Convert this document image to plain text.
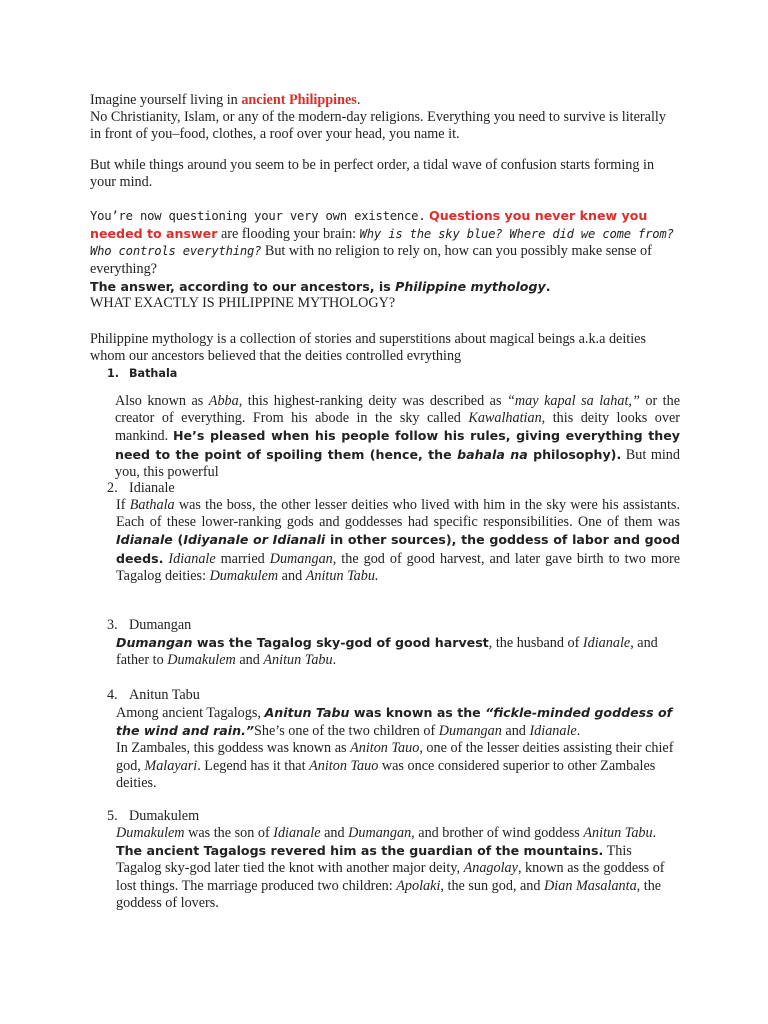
Imagine yourself living in ancient Philippines.

No Christianity, Islam, or any of the modern-day religions. Everything you need to survive is literally in front of you–food, clothes, a roof over your head, you name it.

But while things around you seem to be in perfect order, a tidal wave of confusion starts forming in your mind.

You’re now questioning your very own existence. Questions you never knew you needed to answer are flooding your brain: Why is the sky blue? Where did we come from? Who controls everything? But with no religion to rely on, how can you possibly make sense of everything?

The answer, according to our ancestors, is Philippine mythology.

WHAT EXACTLY IS PHILIPPINE MYTHOLOGY?

Philippine mythology is a collection of stories and superstitions about magical beings a.k.a deities whom our ancestors believed that the deities controlled evrything

1. Bathala

Also known as Abba, this highest-ranking deity was described as “may kapal sa lahat,” or the creator of everything. From his abode in the sky called Kawalhatian, this deity looks over mankind. He’s pleased when his people follow his rules, giving everything they need to the point of spoiling them (hence, the bahala na philosophy). But mind you, this powerful

2. Idianale

If Bathala was the boss, the other lesser deities who lived with him in the sky were his assistants. Each of these lower-ranking gods and goddesses had specific responsibilities. One of them was Idianale (Idiyanale or Idianali in other sources), the goddess of labor and good deeds. Idianale married Dumangan, the god of good harvest, and later gave birth to two more Tagalog deities: Dumakulem and Anitun Tabu.

3. Dumangan

Dumangan was the Tagalog sky-god of good harvest, the husband of Idianale, and father to Dumakulem and Anitun Tabu.

4. Anitun Tabu

Among ancient Tagalogs, Anitun Tabu was known as the “fickle-minded goddess of the wind and rain.”She’s one of the two children of Dumangan and Idianale.

In Zambales, this goddess was known as Aniton Tauo, one of the lesser deities assisting their chief god, Malayari. Legend has it that Aniton Tauo was once considered superior to other Zambales deities.

5. Dumakulem

Dumakulem was the son of Idianale and Dumangan, and brother of wind goddess Anitun Tabu. The ancient Tagalogs revered him as the guardian of the mountains. This Tagalog sky-god later tied the knot with another major deity, Anagolay, known as the goddess of lost things. The marriage produced two children: Apolaki, the sun god, and Dian Masalanta, the goddess of lovers.
